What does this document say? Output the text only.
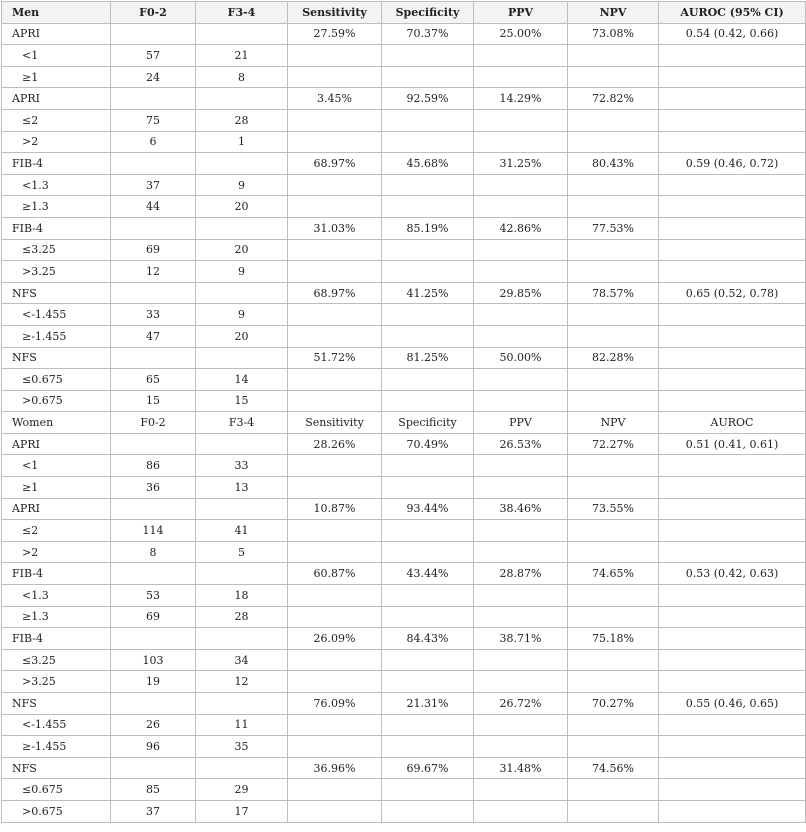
Men	F0-2	F3-4	Sensitivity	Specificity	PPV	NPV	AUROC (95% CI)
APRI			27.59%	70.37%	25.00%	73.08%	0.54 (0.42, 0.66)
<1	57	21					
≥1	24	8					
APRI			3.45%	92.59%	14.29%	72.82%	
≤2	75	28					
>2	6	1					
FIB-4			68.97%	45.68%	31.25%	80.43%	0.59 (0.46, 0.72)
<1.3	37	9					
≥1.3	44	20					
FIB-4			31.03%	85.19%	42.86%	77.53%	
≤3.25	69	20					
>3.25	12	9					
NFS			68.97%	41.25%	29.85%	78.57%	0.65 (0.52, 0.78)
<-1.455	33	9					
≥-1.455	47	20					
NFS			51.72%	81.25%	50.00%	82.28%	
≤0.675	65	14					
>0.675	15	15					
Women	F0-2	F3-4	Sensitivity	Specificity	PPV	NPV	AUROC
APRI			28.26%	70.49%	26.53%	72.27%	0.51 (0.41, 0.61)
<1	86	33					
≥1	36	13					
APRI			10.87%	93.44%	38.46%	73.55%	
≤2	114	41					
>2	8	5					
FIB-4			60.87%	43.44%	28.87%	74.65%	0.53 (0.42, 0.63)
<1.3	53	18					
≥1.3	69	28					
FIB-4			26.09%	84.43%	38.71%	75.18%	
≤3.25	103	34					
>3.25	19	12					
NFS			76.09%	21.31%	26.72%	70.27%	0.55 (0.46, 0.65)
<-1.455	26	11					
≥-1.455	96	35					
NFS			36.96%	69.67%	31.48%	74.56%	
≤0.675	85	29					
>0.675	37	17					
